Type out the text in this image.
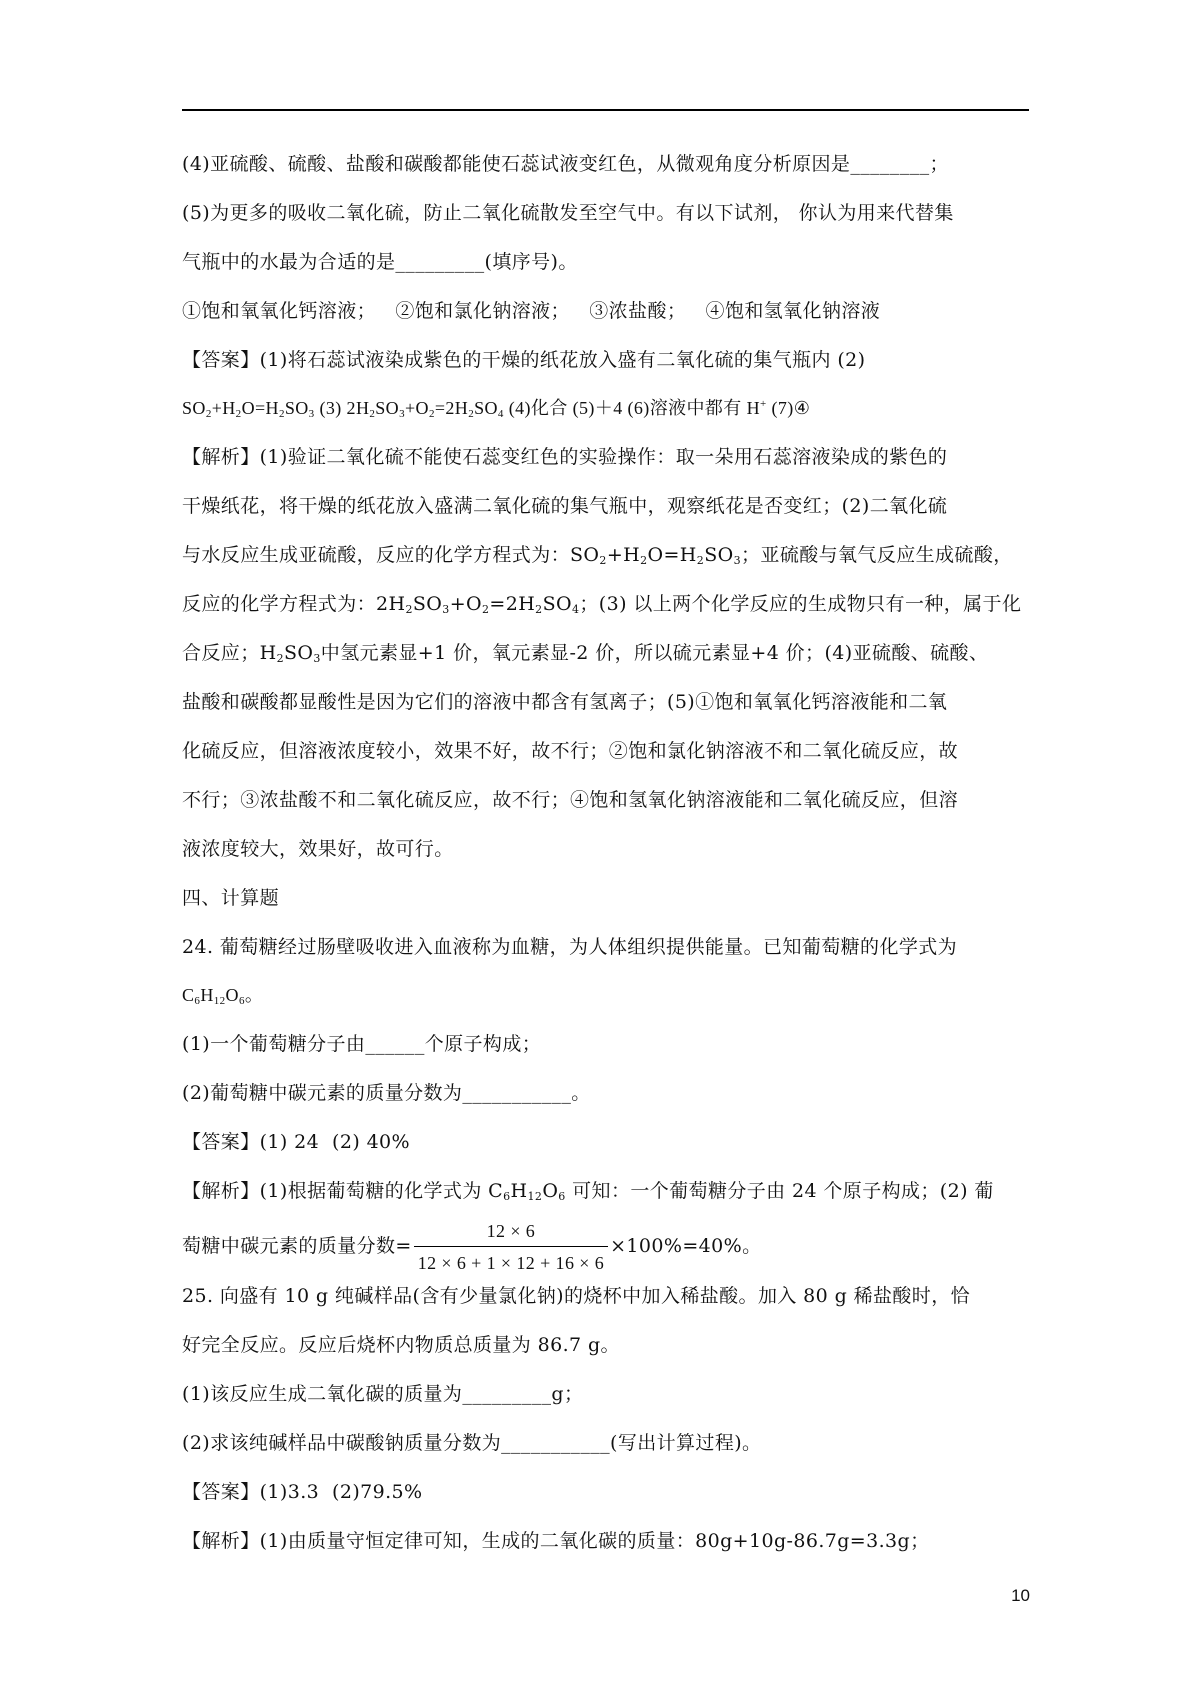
(4)亚硫酸、硫酸、盐酸和碳酸都能使石蕊试液变红色，从微观角度分析原因是________；
(5)为更多的吸收二氧化硫，防止二氧化硫散发至空气中。有以下试剂， 你认为用来代替集
气瓶中的水最为合适的是_________(填序号)。
①饱和氧氧化钙溶液；   ②饱和氯化钠溶液；   ③浓盐酸；   ④饱和氢氧化钠溶液
【答案】(1)将石蕊试液染成紫色的干燥的纸花放入盛有二氧化硫的集气瓶内 (2)
$SO_2+H_2O=H_2SO_3$ (3) $2H_2SO_3+O_2=2H_2SO_4$ (4)化合 (5)＋4 (6)溶液中都有 H+ (7)④
【解析】(1)验证二氧化硫不能使石蕊变红色的实验操作：取一朵用石蕊溶液染成的紫色的
干燥纸花，将干燥的纸花放入盛满二氧化硫的集气瓶中，观察纸花是否变红；(2)二氧化硫
与水反应生成亚硫酸，反应的化学方程式为：$SO_2+H_2O=H_2SO_3$；亚硫酸与氧气反应生成硫酸，
反应的化学方程式为：$2H_2SO_3+O_2=2H_2SO_4$；(3) 以上两个化学反应的生成物只有一种，属于化
合反应；$H_2SO_3$中氢元素显+1 价，氧元素显-2 价，所以硫元素显+4 价；(4)亚硫酸、硫酸、
盐酸和碳酸都显酸性是因为它们的溶液中都含有氢离子；(5)①饱和氧氧化钙溶液能和二氧
化硫反应，但溶液浓度较小，效果不好，故不行；②饱和氯化钠溶液不和二氧化硫反应，故
不行；③浓盐酸不和二氧化硫反应，故不行；④饱和氢氧化钠溶液能和二氧化硫反应，但溶
液浓度较大，效果好，故可行。
四、计算题
24. 葡萄糖经过肠壁吸收进入血液称为血糖，为人体组织提供能量。已知葡萄糖的化学式为
$C_6H_{12}O_6$。
(1)一个葡萄糖分子由______个原子构成；
(2)葡萄糖中碳元素的质量分数为___________。
【答案】(1) 24  (2) 40%
【解析】(1)根据葡萄糖的化学式为 $C_6H_{12}O_6$ 可知：一个葡萄糖分子由 24 个原子构成；(2) 葡
萄糖中碳元素的质量分数= $\frac{12 \times 6}{12 \times 6 + 1 \times 12 + 16 \times 6} \times 100\%=40\%$。
25. 向盛有 10 g 纯碱样品(含有少量氯化钠)的烧杯中加入稀盐酸。加入 80 g 稀盐酸时，恰
好完全反应。反应后烧杯内物质总质量为 86.7 g。
(1)该反应生成二氧化碳的质量为_________g；
(2)求该纯碱样品中碳酸钠质量分数为___________(写出计算过程)。
【答案】(1)3.3  (2)79.5%
【解析】(1)由质量守恒定律可知，生成的二氧化碳的质量：80g+10g-86.7g=3.3g；
10
